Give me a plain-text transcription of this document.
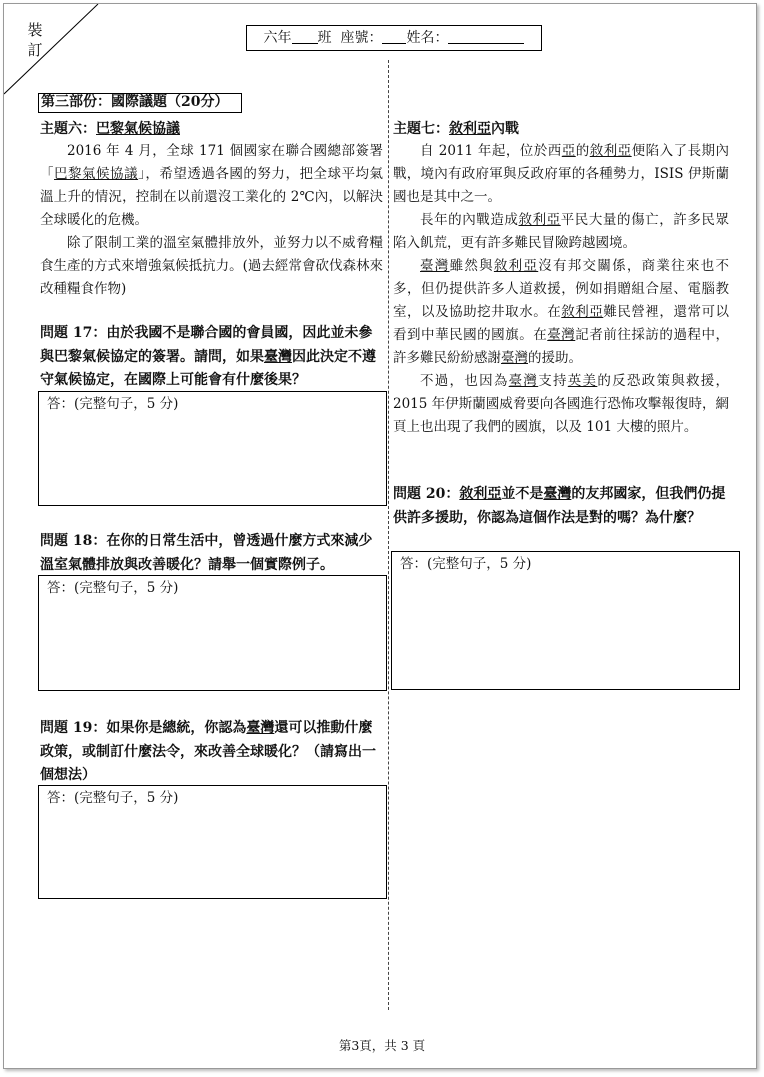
裝訂
六年 班 座號： 姓名：
第三部份：國際議題（20分）
主題六：巴黎氣候協議

2016 年 4 月，全球 171 個國家在聯合國總部簽署「巴黎氣候協議」，希望透過各國的努力，把全球平均氣溫上升的情況，控制在以前還沒工業化的 2℃內，以解決全球暖化的危機。

除了限制工業的溫室氣體排放外，並努力以不威脅糧食生產的方式來增強氣候抵抗力。(過去經常會砍伐森林來改種糧食作物)

問題 17：由於我國不是聯合國的會員國，因此並未參與巴黎氣候協定的簽署。請問，如果臺灣因此決定不遵守氣候協定，在國際上可能會有什麼後果？

答：(完整句子，5 分)

問題 18：在你的日常生活中，曾透過什麼方式來減少溫室氣體排放與改善暖化？請舉一個實際例子。

答：(完整句子，5 分)

問題 19：如果你是總統，你認為臺灣還可以推動什麼政策，或制訂什麼法令，來改善全球暖化？（請寫出一個想法）

答：(完整句子，5 分)
主題七：敘利亞內戰

自 2011 年起，位於西亞的敘利亞便陷入了長期內戰，境內有政府軍與反政府軍的各種勢力，ISIS 伊斯蘭國也是其中之一。

長年的內戰造成敘利亞平民大量的傷亡，許多民眾陷入飢荒，更有許多難民冒險跨越國境。

臺灣雖然與敘利亞沒有邦交關係，商業往來也不多，但仍提供許多人道救援，例如捐贈組合屋、電腦教室，以及協助挖井取水。在敘利亞難民營裡，還常可以看到中華民國的國旗。在臺灣記者前往採訪的過程中，許多難民紛紛感謝臺灣的援助。

不過，也因為臺灣支持英美的反恐政策與救援，2015 年伊斯蘭國威脅要向各國進行恐怖攻擊報復時，網頁上也出現了我們的國旗，以及 101 大樓的照片。

問題 20：敘利亞並不是臺灣的友邦國家，但我們仍提供許多援助，你認為這個作法是對的嗎？為什麼？

答：(完整句子，5 分)
第3頁，共 3 頁
